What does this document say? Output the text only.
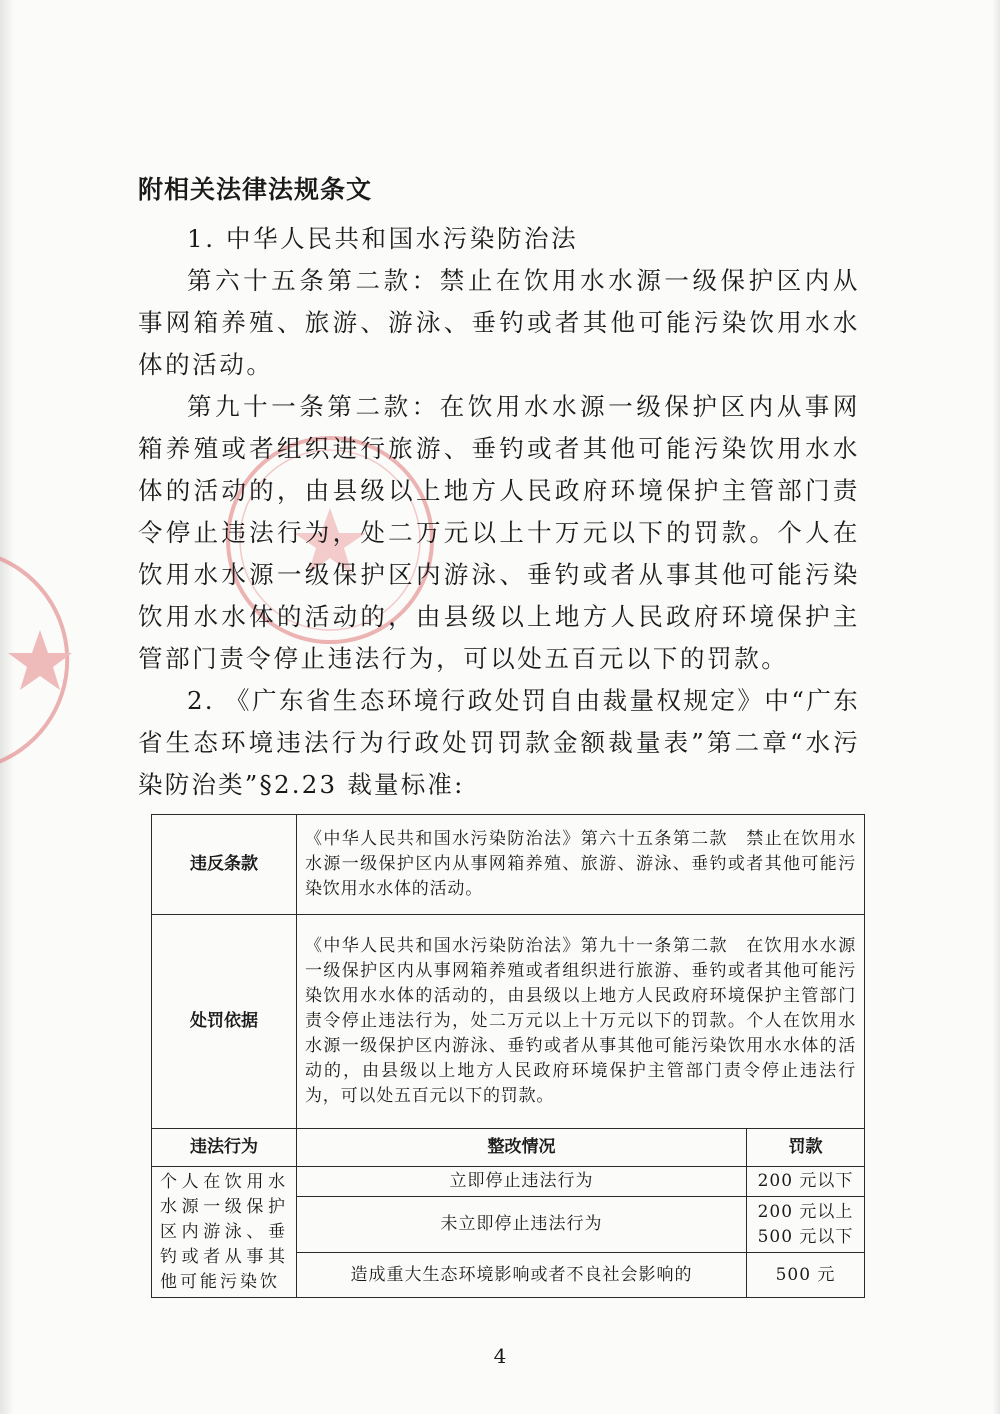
附相关法律法规条文

1. 中华人民共和国水污染防治法

第六十五条第二款：禁止在饮用水水源一级保护区内从事网箱养殖、旅游、游泳、垂钓或者其他可能污染饮用水水体的活动。

第九十一条第二款：在饮用水水源一级保护区内从事网箱养殖或者组织进行旅游、垂钓或者其他可能污染饮用水水体的活动的，由县级以上地方人民政府环境保护主管部门责令停止违法行为，处二万元以上十万元以下的罚款。个人在饮用水水源一级保护区内游泳、垂钓或者从事其他可能污染饮用水水体的活动的，由县级以上地方人民政府环境保护主管部门责令停止违法行为，可以处五百元以下的罚款。

2. 《广东省生态环境行政处罚自由裁量权规定》中“广东省生态环境违法行为行政处罚罚款金额裁量表”第二章“水污染防治类”§2.23 裁量标准:

违反条款	《中华人民共和国水污染防治法》第六十五条第二款　禁止在饮用水水源一级保护区内从事网箱养殖、旅游、游泳、垂钓或者其他可能污染饮用水水体的活动。	
处罚依据	《中华人民共和国水污染防治法》第九十一条第二款　在饮用水水源一级保护区内从事网箱养殖或者组织进行旅游、垂钓或者其他可能污染饮用水水体的活动的，由县级以上地方人民政府环境保护主管部门责令停止违法行为，处二万元以上十万元以下的罚款。个人在饮用水水源一级保护区内游泳、垂钓或者从事其他可能污染饮用水水体的活动的，由县级以上地方人民政府环境保护主管部门责令停止违法行为，可以处五百元以下的罚款。	
违法行为	整改情况	罚款
个人在饮用水水源一级保护区内游泳、垂钓或者从事其他可能污染饮	立即停止违法行为	200 元以下
	未立即停止违法行为	200 元以上 500 元以下
	造成重大生态环境影响或者不良社会影响的	500 元
4
